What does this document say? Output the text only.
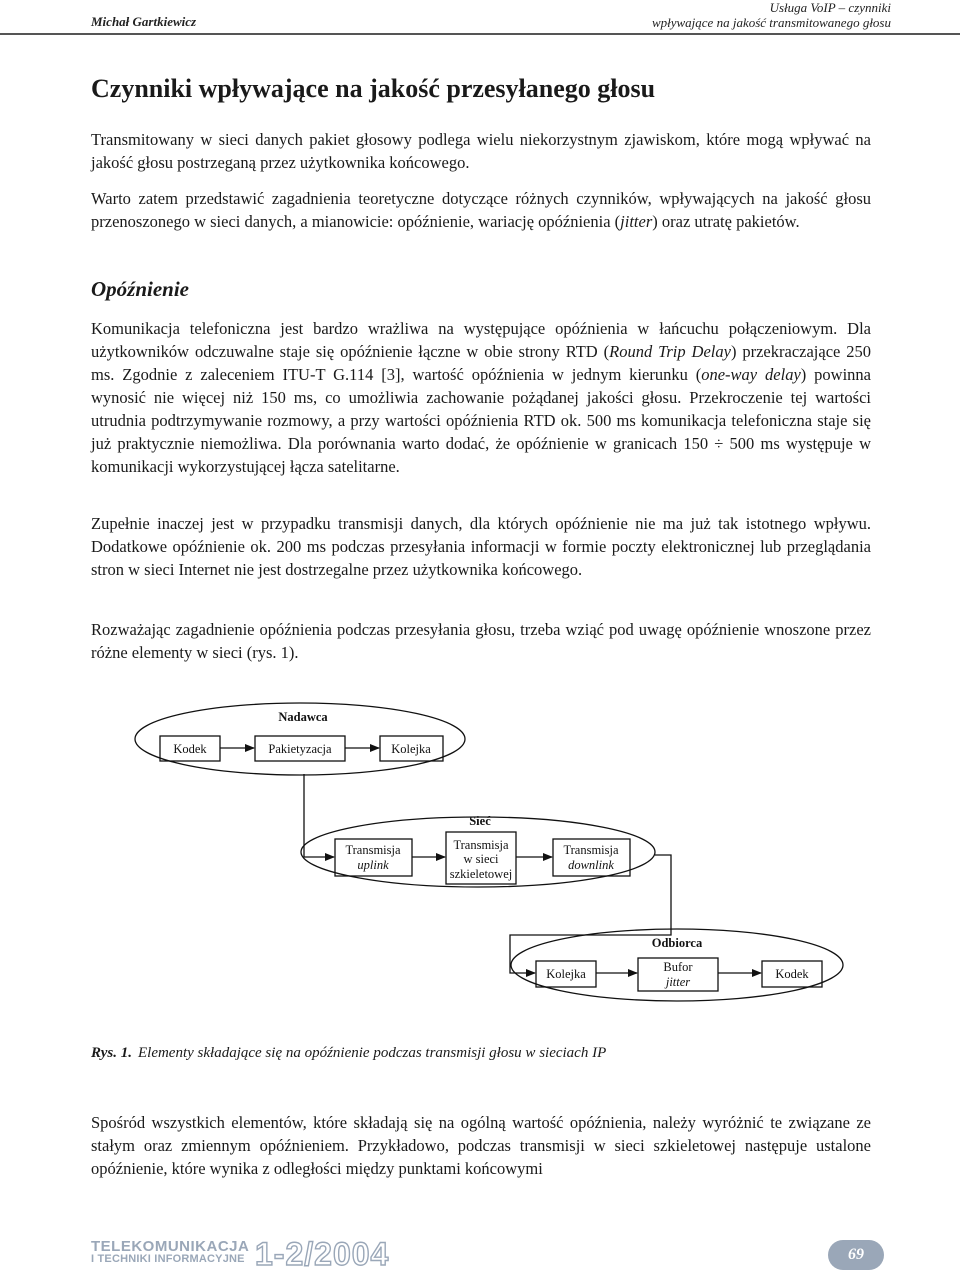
Michał Gartkiewicz
Usługa VoIP – czynniki
wpływające na jakość transmitowanego głosu
Czynniki wpływające na jakość przesyłanego głosu

Transmitowany w sieci danych pakiet głosowy podlega wielu niekorzystnym zjawiskom, które mogą wpływać na jakość głosu postrzeganą przez użytkownika końcowego.

Warto zatem przedstawić zagadnienia teoretyczne dotyczące różnych czynników, wpływających na jakość głosu przenoszonego w sieci danych, a mianowicie: opóźnienie, wariację opóźnienia (jitter) oraz utratę pakietów.

Opóźnienie

Komunikacja telefoniczna jest bardzo wrażliwa na występujące opóźnienia w łańcuchu połączeniowym. Dla użytkowników odczuwalne staje się opóźnienie łączne w obie strony RTD (Round Trip Delay) przekraczające 250 ms. Zgodnie z zaleceniem ITU-T G.114 [3], wartość opóźnienia w jednym kierunku (one-way delay) powinna wynosić nie więcej niż 150 ms, co umożliwia zachowanie pożądanej jakości głosu. Przekroczenie tej wartości utrudnia podtrzymywanie rozmowy, a przy wartości opóźnienia RTD ok. 500 ms komunikacja telefoniczna staje się już praktycznie niemożliwa. Dla porównania warto dodać, że opóźnienie w granicach 150 ÷ 500 ms występuje w komunikacji wykorzystującej łącza satelitarne.

Zupełnie inaczej jest w przypadku transmisji danych, dla których opóźnienie nie ma już tak istotnego wpływu. Dodatkowe opóźnienie ok. 200 ms podczas przesyłania informacji w formie poczty elektronicznej lub przeglądania stron w sieci Internet nie jest dostrzegalne przez użytkownika końcowego.

Rozważając zagadnienie opóźnienia podczas przesyłania głosu, trzeba wziąć pod uwagę opóźnienie wnoszone przez różne elementy w sieci (rys. 1).

Nadawca
Kodek	Pakietyzacja	Kolejka
Sieć
Transmisja
uplink
Transmisja
w sieci
szkieletowej
Transmisja
downlink
Odbiorca
Kolejka	Bufor
jitter
Kodek
Rys. 1. Elementy składające się na opóźnienie podczas transmisji głosu w sieciach IP

Spośród wszystkich elementów, które składają się na ogólną wartość opóźnienia, należy wyróżnić te związane ze stałym oraz zmiennym opóźnieniem. Przykładowo, podczas transmisji w sieci szkieletowej następuje ustalone opóźnienie, które wynika z odległości między punktami końcowymi

TELEKOMUNIKACJA
I TECHNIKI INFORMACYJNE 1-2/2004	69
